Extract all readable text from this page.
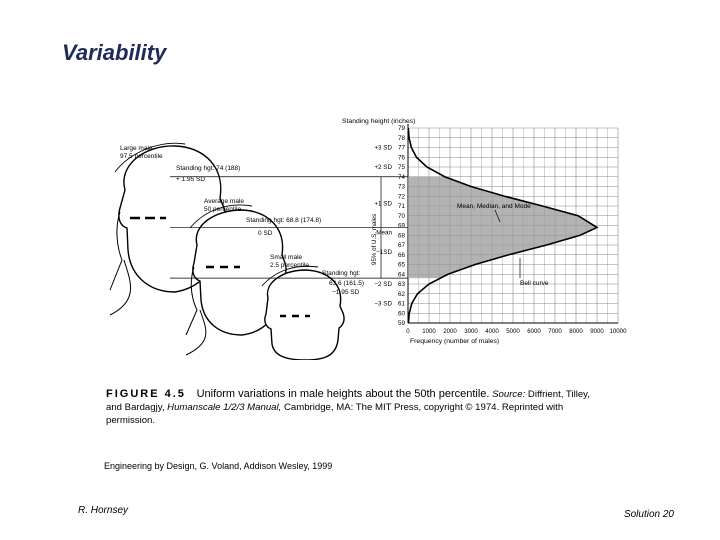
Variability
Large male
97.5 percentile
Standing hgt: 74 (188)
+ 1.95 SD
Average male
50 percentile
Standing hgt: 68.8 (174.8)
0 SD
Small male
2.5 percentile
Standing hgt:
63.6 (161.5)
−1.95 SD
59
60
61
62
63
64
65
66
67
68
69
70
71
72
73
74
75
76
77
78
79
0 1000 2000 3000 4000 5000 6000 7000 8000 9000 10000
+3 SD
+2 SD
+1 SD
Mean
−1SD
−2 SD
−3 SD
Standing height (inches)
Frequency (number of males)
95% of U.S. males
Mean, Median, and Mode
Bell curve
FIGURE 4.5 Uniform variations in male heights about the 50th percentile. Source: Diffrient, Tilley, and Bardagjy, Humanscale 1/2/3 Manual, Cambridge, MA: The MIT Press, copyright © 1974. Reprinted with permission.
Engineering by Design, G. Voland, Addison Wesley, 1999
R. Hornsey	Solution 20
